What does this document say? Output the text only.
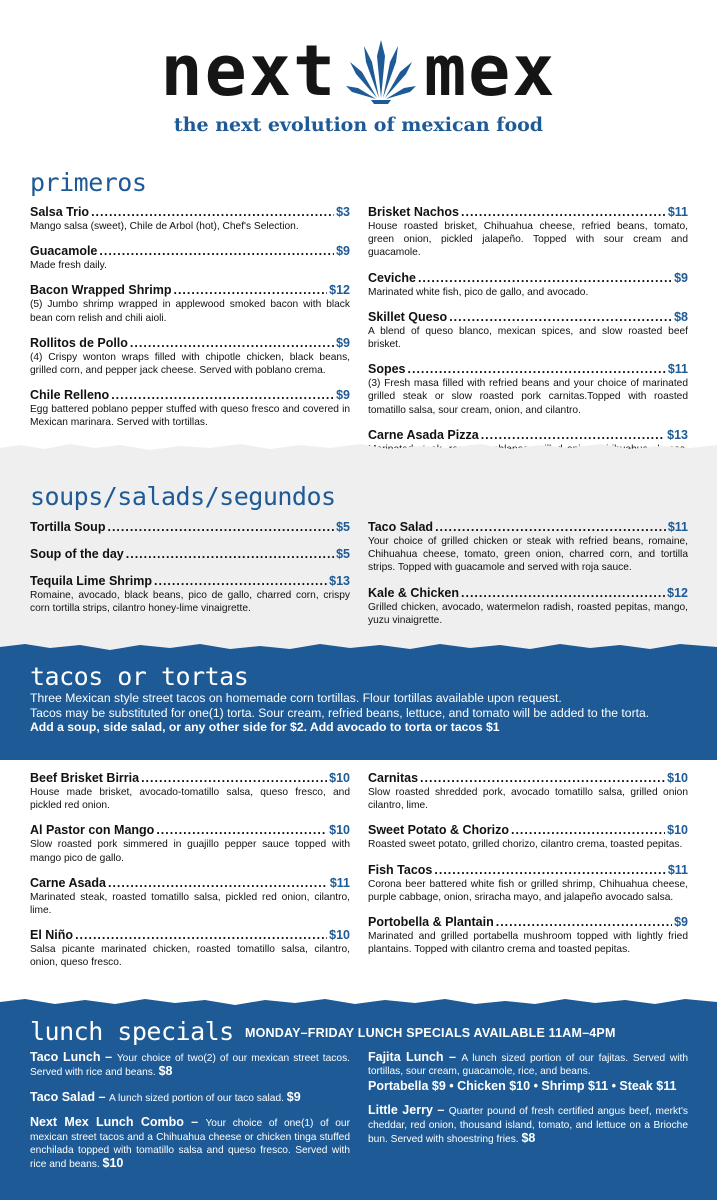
next mex
the next evolution of mexican food
primeros
Salsa Trio .....	$3
Mango salsa (sweet), Chile de Arbol (hot), Chef's Selection.
Guacamole .....	$9
Made fresh daily.
Bacon Wrapped Shrimp .....	$12
(5) Jumbo shrimp wrapped in applewood smoked bacon with black bean corn relish and chili aioli.
Rollitos de Pollo .....	$9
(4) Crispy wonton wraps filled with chipotle chicken, black beans, grilled corn, and pepper jack cheese. Served with poblano crema.
Chile Relleno .....	$9
Egg battered poblano pepper stuffed with queso fresco and covered in Mexican marinara. Served with tortillas.
Brisket Nachos .....	$11
House roasted brisket, Chihuahua cheese, refried beans, tomato, green onion, pickled jalapeño. Topped with sour cream and guacamole.
Ceviche .....	$9
Marinated white fish, pico de gallo, and avocado.
Skillet Queso .....	$8
A blend of queso blanco, mexican spices, and slow roasted beef brisket.
Sopes .....	$11
(3) Fresh masa filled with refried beans and your choice of marinated grilled steak or slow roasted pork carnitas.Topped with roasted tomatillo salsa, sour cream, onion, and cilantro.
Carne Asada Pizza .....	$13
soups/salads/segundos
Tortilla Soup .....	$5
Soup of the day .....	$5
Tequila Lime Shrimp .....	$13
Romaine, avocado, black beans, pico de gallo, charred corn, crispy corn tortilla strips, cilantro honey-lime vinaigrette.
Taco Salad .....	$11
Your choice of grilled chicken or steak with refried beans, romaine, Chihuahua cheese, tomato, green onion, charred corn, and tortilla strips. Topped with guacamole and served with roja sauce.
Kale & Chicken .....	$12
Grilled chicken, avocado, watermelon radish, roasted pepitas, mango, yuzu vinaigrette.
tacos or tortas
Three Mexican style street tacos on homemade corn tortillas. Flour tortillas available upon request.
Tacos may be substituted for one(1) torta. Sour cream, refried beans, lettuce, and tomato will be added to the torta.
Add a soup, side salad, or any other side for $2. Add avocado to torta or tacos $1
Beef Brisket Birria .....	$10
House made brisket, avocado-tomatillo salsa, queso fresco, and pickled red onion.
Al Pastor con Mango .....	$10
Slow roasted pork simmered in guajillo pepper sauce topped with mango pico de gallo.
Carne Asada .....	$11
Marinated steak, roasted tomatillo salsa, pickled red onion, cilantro, lime.
El Niño .....	$10
Salsa picante marinated chicken, roasted tomatillo salsa, cilantro, onion, queso fresco.
Carnitas .....	$10
Slow roasted shredded pork, avocado tomatillo salsa, grilled onion cilantro, lime.
Sweet Potato & Chorizo .....	$10
Roasted sweet potato, grilled chorizo, cilantro crema, toasted pepitas.
Fish Tacos .....	$11
Corona beer battered white fish or grilled shrimp, Chihuahua cheese, purple cabbage, onion, sriracha mayo, and jalapeño avocado salsa.
Portobella & Plantain .....	$9
Marinated and grilled portabella mushroom topped with lightly fried plantains. Topped with cilantro crema and toasted pepitas.
lunch specials MONDAY–FRIDAY LUNCH SPECIALS AVAILABLE 11AM–4PM
Taco Lunch – Your choice of two(2) of our mexican street tacos. Served with rice and beans. $8
Taco Salad – A lunch sized portion of our taco salad. $9
Next Mex Lunch Combo – Your choice of one(1) of our mexican street tacos and a Chihuahua cheese or chicken tinga stuffed enchilada topped with tomatillo salsa and queso fresco. Served with rice and beans. $10
Fajita Lunch – A lunch sized portion of our fajitas. Served with tortillas, sour cream, guacamole, rice, and beans.
Portabella $9 • Chicken $10 • Shrimp $11 • Steak $11
Little Jerry – Quarter pound of fresh certified angus beef, merkt's cheddar, red onion, thousand island, tomato, and lettuce on a Brioche bun. Served with shoestring fries. $8
